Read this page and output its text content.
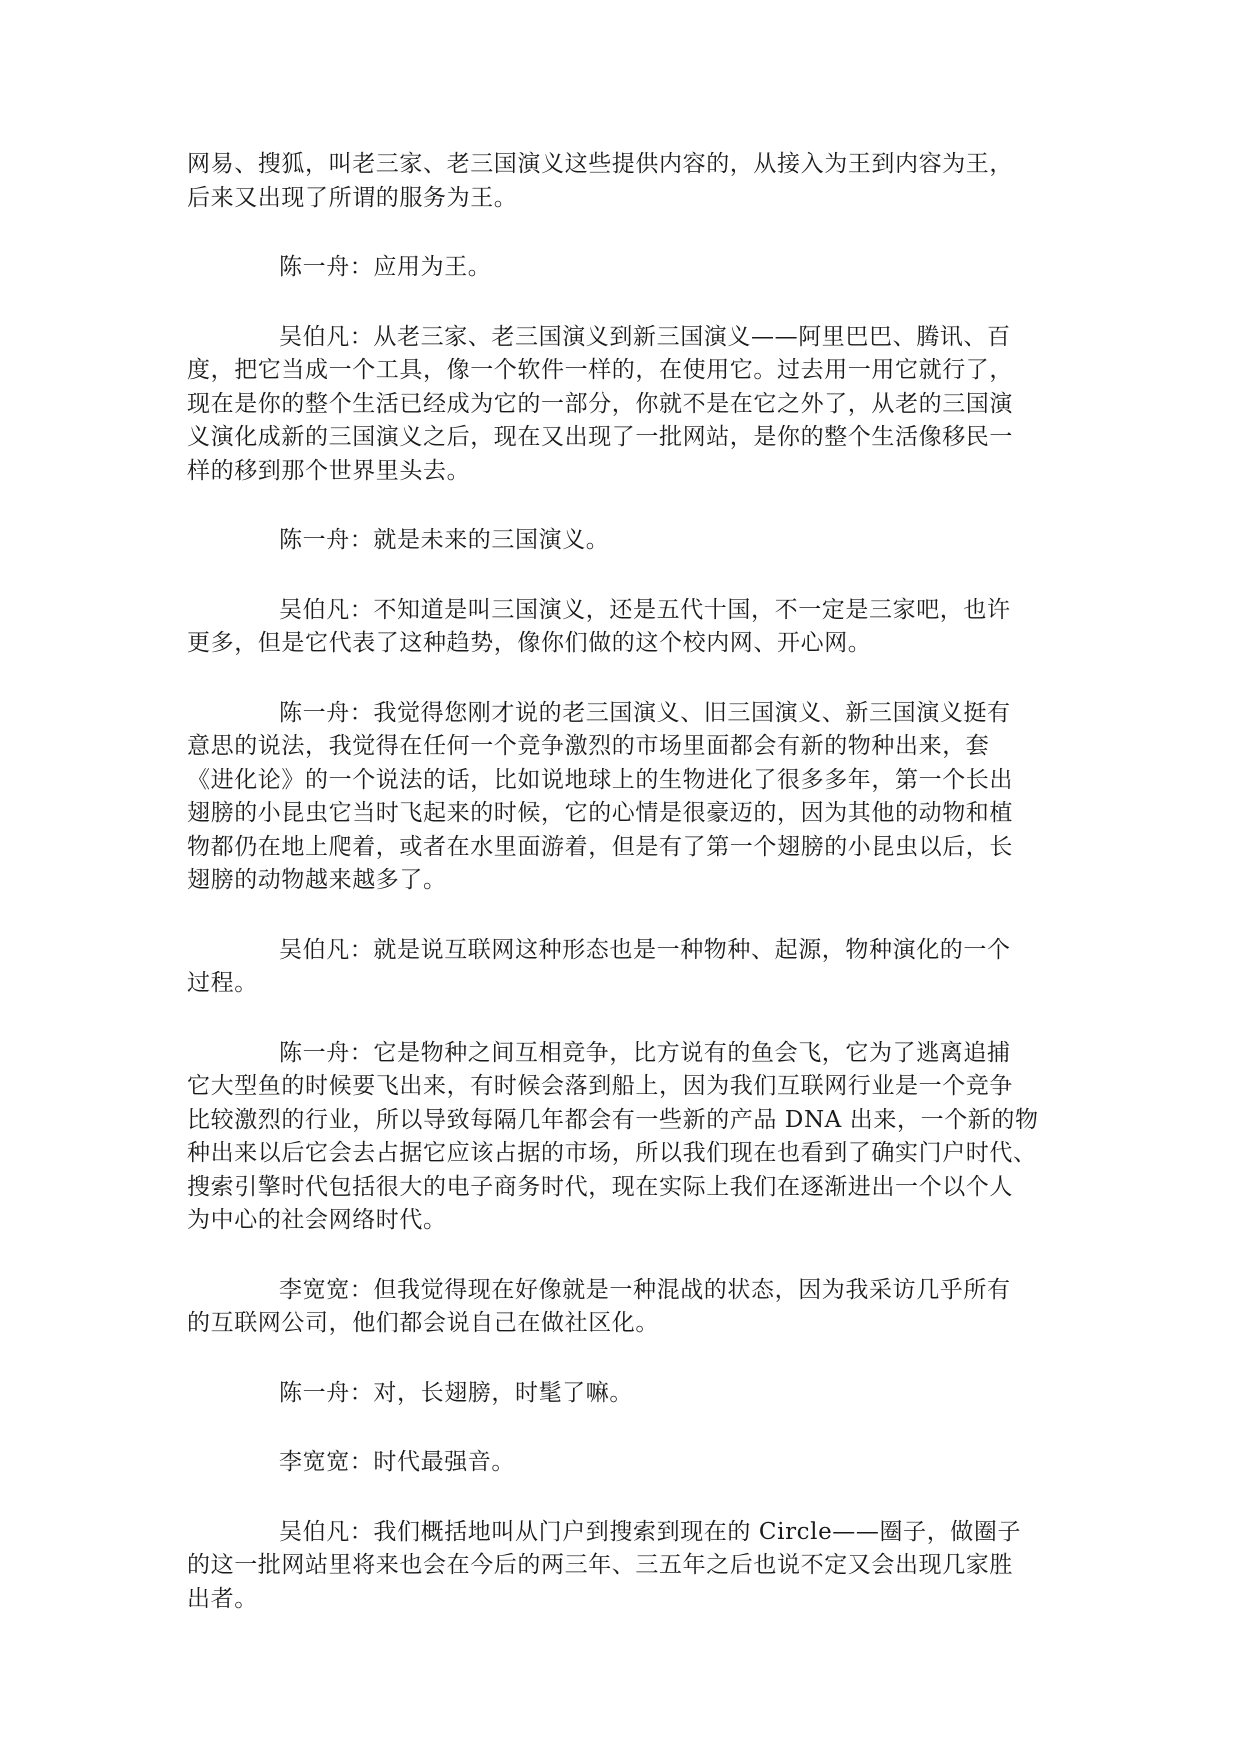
网易、搜狐，叫老三家、老三国演义这些提供内容的，从接入为王到内容为王，
后来又出现了所谓的服务为王。

陈一舟：应用为王。

吴伯凡：从老三家、老三国演义到新三国演义——阿里巴巴、腾讯、百
度，把它当成一个工具，像一个软件一样的，在使用它。过去用一用它就行了，
现在是你的整个生活已经成为它的一部分，你就不是在它之外了，从老的三国演
义演化成新的三国演义之后，现在又出现了一批网站，是你的整个生活像移民一
样的移到那个世界里头去。

陈一舟：就是未来的三国演义。

吴伯凡：不知道是叫三国演义，还是五代十国，不一定是三家吧，也许
更多，但是它代表了这种趋势，像你们做的这个校内网、开心网。

陈一舟：我觉得您刚才说的老三国演义、旧三国演义、新三国演义挺有
意思的说法，我觉得在任何一个竞争激烈的市场里面都会有新的物种出来，套
《进化论》的一个说法的话，比如说地球上的生物进化了很多多年，第一个长出
翅膀的小昆虫它当时飞起来的时候，它的心情是很豪迈的，因为其他的动物和植
物都仍在地上爬着，或者在水里面游着，但是有了第一个翅膀的小昆虫以后，长
翅膀的动物越来越多了。

吴伯凡：就是说互联网这种形态也是一种物种、起源，物种演化的一个
过程。

陈一舟：它是物种之间互相竞争，比方说有的鱼会飞，它为了逃离追捕
它大型鱼的时候要飞出来，有时候会落到船上，因为我们互联网行业是一个竞争
比较激烈的行业，所以导致每隔几年都会有一些新的产品 DNA 出来，一个新的物
种出来以后它会去占据它应该占据的市场，所以我们现在也看到了确实门户时代、
搜索引擎时代包括很大的电子商务时代，现在实际上我们在逐渐进出一个以个人
为中心的社会网络时代。

李宽宽：但我觉得现在好像就是一种混战的状态，因为我采访几乎所有
的互联网公司，他们都会说自己在做社区化。

陈一舟：对，长翅膀，时髦了嘛。

李宽宽：时代最强音。

吴伯凡：我们概括地叫从门户到搜索到现在的 Circle——圈子，做圈子
的这一批网站里将来也会在今后的两三年、三五年之后也说不定又会出现几家胜
出者。
